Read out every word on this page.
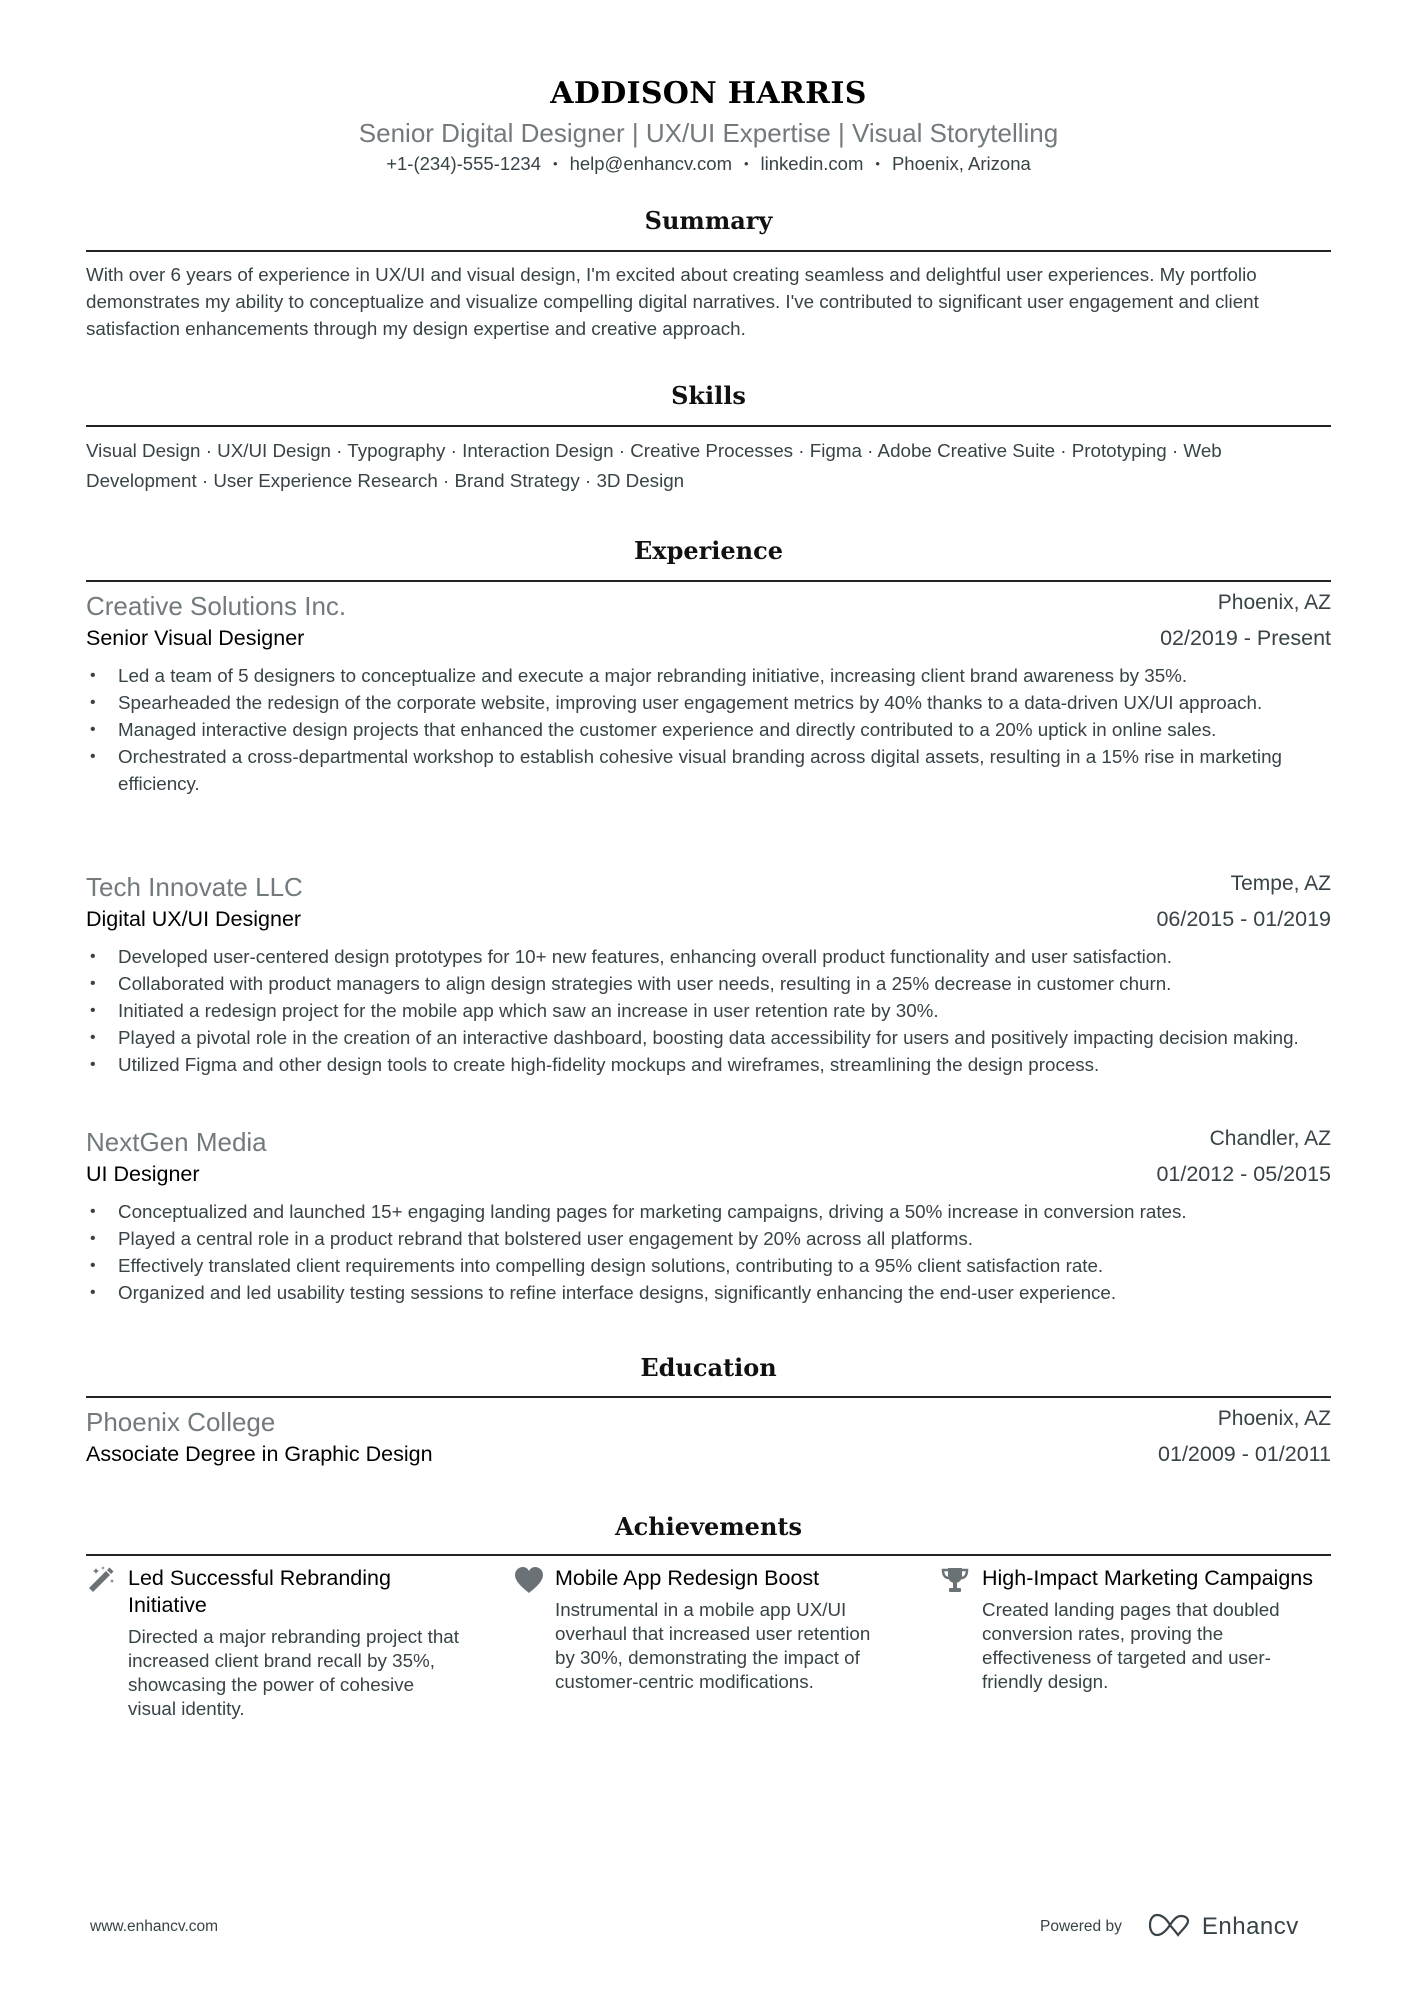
ADDISON HARRIS
Senior Digital Designer | UX/UI Expertise | Visual Storytelling
+1-(234)-555-1234 • help@enhancv.com • linkedin.com • Phoenix, Arizona
Summary
With over 6 years of experience in UX/UI and visual design, I'm excited about creating seamless and delightful user experiences. My portfolio demonstrates my ability to conceptualize and visualize compelling digital narratives. I've contributed to significant user engagement and client satisfaction enhancements through my design expertise and creative approach.
Skills
Visual Design · UX/UI Design · Typography · Interaction Design · Creative Processes · Figma · Adobe Creative Suite · Prototyping · Web Development · User Experience Research · Brand Strategy · 3D Design
Experience
Creative Solutions Inc.	Phoenix, AZ
Senior Visual Designer	02/2019 - Present
• Led a team of 5 designers to conceptualize and execute a major rebranding initiative, increasing client brand awareness by 35%.
• Spearheaded the redesign of the corporate website, improving user engagement metrics by 40% thanks to a data-driven UX/UI approach.
• Managed interactive design projects that enhanced the customer experience and directly contributed to a 20% uptick in online sales.
• Orchestrated a cross-departmental workshop to establish cohesive visual branding across digital assets, resulting in a 15% rise in marketing efficiency.
Tech Innovate LLC	Tempe, AZ
Digital UX/UI Designer	06/2015 - 01/2019
• Developed user-centered design prototypes for 10+ new features, enhancing overall product functionality and user satisfaction.
• Collaborated with product managers to align design strategies with user needs, resulting in a 25% decrease in customer churn.
• Initiated a redesign project for the mobile app which saw an increase in user retention rate by 30%.
• Played a pivotal role in the creation of an interactive dashboard, boosting data accessibility for users and positively impacting decision making.
• Utilized Figma and other design tools to create high-fidelity mockups and wireframes, streamlining the design process.
NextGen Media	Chandler, AZ
UI Designer	01/2012 - 05/2015
• Conceptualized and launched 15+ engaging landing pages for marketing campaigns, driving a 50% increase in conversion rates.
• Played a central role in a product rebrand that bolstered user engagement by 20% across all platforms.
• Effectively translated client requirements into compelling design solutions, contributing to a 95% client satisfaction rate.
• Organized and led usability testing sessions to refine interface designs, significantly enhancing the end-user experience.
Education
Phoenix College	Phoenix, AZ
Associate Degree in Graphic Design	01/2009 - 01/2011
Achievements
Led Successful Rebranding Initiative
Directed a major rebranding project that increased client brand recall by 35%, showcasing the power of cohesive visual identity.
Mobile App Redesign Boost
Instrumental in a mobile app UX/UI overhaul that increased user retention by 30%, demonstrating the impact of customer-centric modifications.
High-Impact Marketing Campaigns
Created landing pages that doubled conversion rates, proving the effectiveness of targeted and user-friendly design.
www.enhancv.com	Powered by	Enhancv
